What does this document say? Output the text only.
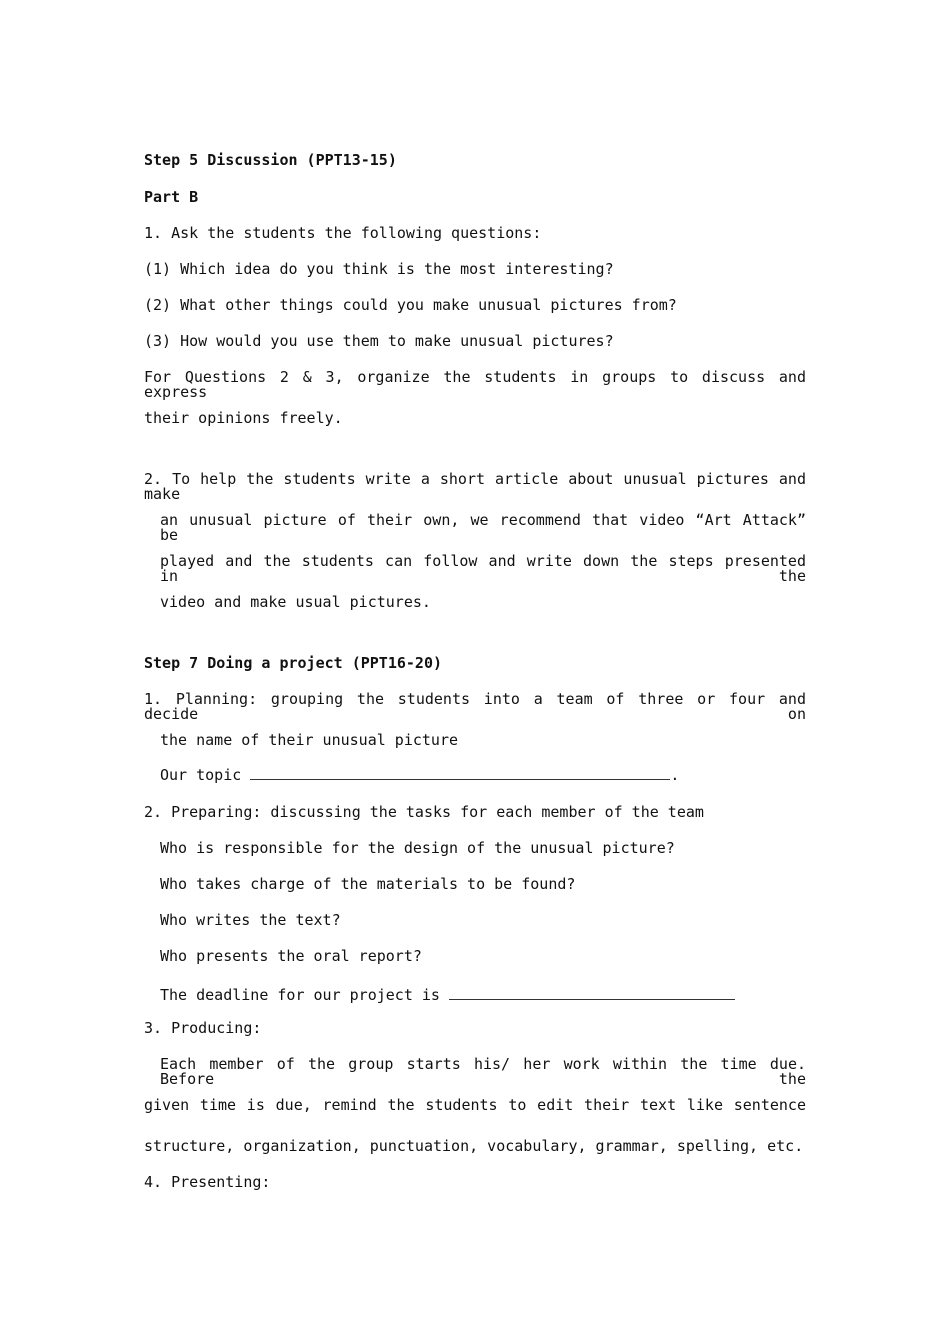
Step 5 Discussion (PPT13-15)
Part B
1. Ask the students the following questions:
(1) Which idea do you think is the most interesting?
(2) What other things could you make unusual pictures from?
(3) How would you use them to make unusual pictures?
For Questions 2 & 3, organize the students in groups to discuss and express
their opinions freely.
2. To help the students write a short article about unusual pictures and make
an unusual picture of their own, we recommend that video “Art Attack” be
played and the students can follow and write down the steps presented in the
video and make usual pictures.
Step 7 Doing a project (PPT16-20)
1. Planning: grouping the students into a team of three or four and decide on
the name of their unusual picture
Our topic	.
2. Preparing: discussing the tasks for each member of the team
Who is responsible for the design of the unusual picture?
Who takes charge of the materials to be found?
Who writes the text?
Who presents the oral report?
The deadline for our project is
3. Producing:
Each member of the group starts his/ her work within the time due. Before the
given time is due, remind the students to edit their text like sentence
structure, organization, punctuation, vocabulary, grammar, spelling, etc.
4. Presenting:
